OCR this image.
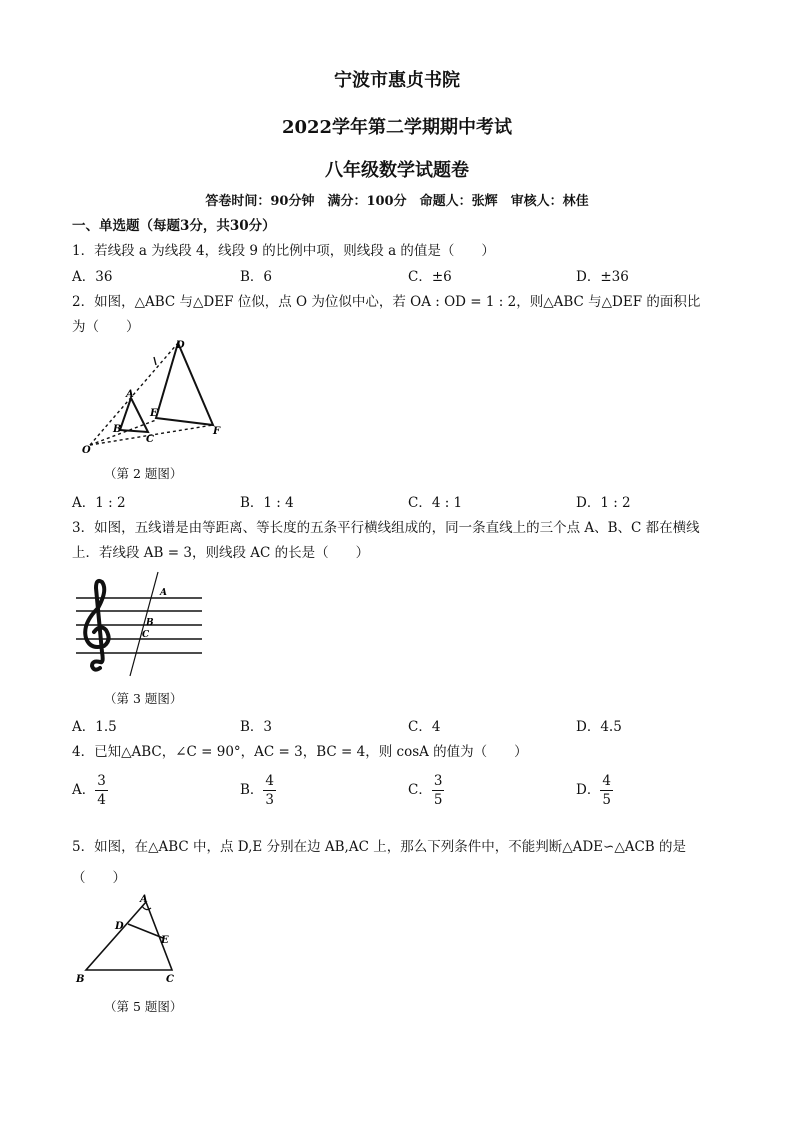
宁波市惠贞书院
2022学年第二学期期中考试
八年级数学试题卷
答卷时间：90分钟　满分：100分　命题人：张辉　审核人：林佳
一、单选题（每题3分，共30分）
1．若线段 a 为线段 4，线段 9 的比例中项，则线段 a 的值是（　　）
A．36	B．6	C．±6	D．±36
2．如图，△ABC 与△DEF 位似，点 O 为位似中心，若 OA : OD = 1 : 2，则△ABC 与△DEF 的面积比
为（　　）
O
A
B
C
D
E
F
（第 2 题图）
A．1 : 2	B．1 : 4	C．4 : 1	D．1 : 2
3．如图，五线谱是由等距离、等长度的五条平行横线组成的，同一条直线上的三个点 A、B、C 都在横线
上．若线段 AB = 3，则线段 AC 的长是（　　）
A
B
C
（第 3 题图）
A．1.5	B．3	C．4	D．4.5
4．已知△ABC，∠C = 90°，AC = 3，BC = 4，则 cosA 的值为（　　）
A． $\frac{3}{4}$	B． $\frac{4}{3}$	C． $\frac{3}{5}$	D． $\frac{4}{5}$
5．如图，在△ABC 中，点 D,E 分别在边 AB,AC 上，那么下列条件中，不能判断△ADE∽△ACB 的是
（　　）
A
D
E
B	C
（第 5 题图）
